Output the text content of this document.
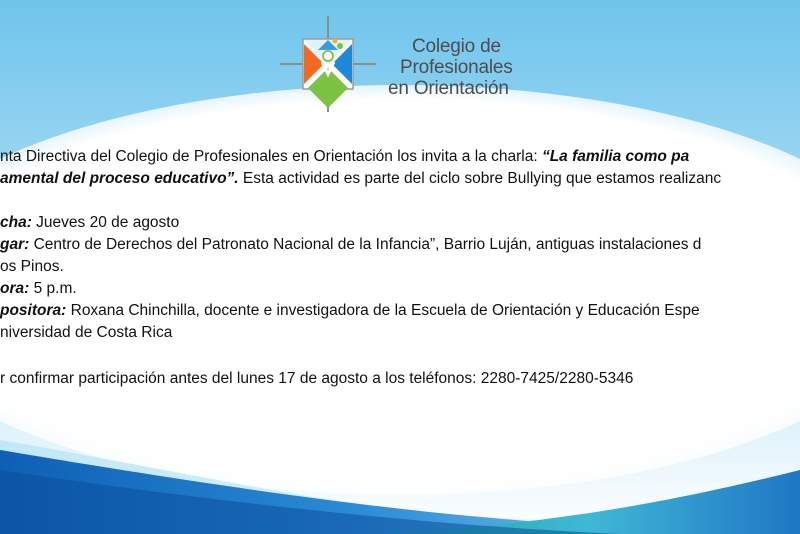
Colegio de
Profesionales
en Orientación

nta Directiva del Colegio de Profesionales en Orientación los invita a la charla: “La familia como pa

amental del proceso educativo”. Esta actividad es parte del ciclo sobre Bullying que estamos realizanc

cha: Jueves 20 de agosto

gar: Centro de Derechos del Patronato Nacional de la Infancia”, Barrio Luján, antiguas instalaciones d

os Pinos.

ora: 5 p.m.

positora: Roxana Chinchilla, docente e investigadora de la Escuela de Orientación y Educación Espe

niversidad de Costa Rica

r confirmar participación antes del lunes 17 de agosto a los teléfonos: 2280-7425/2280-5346
